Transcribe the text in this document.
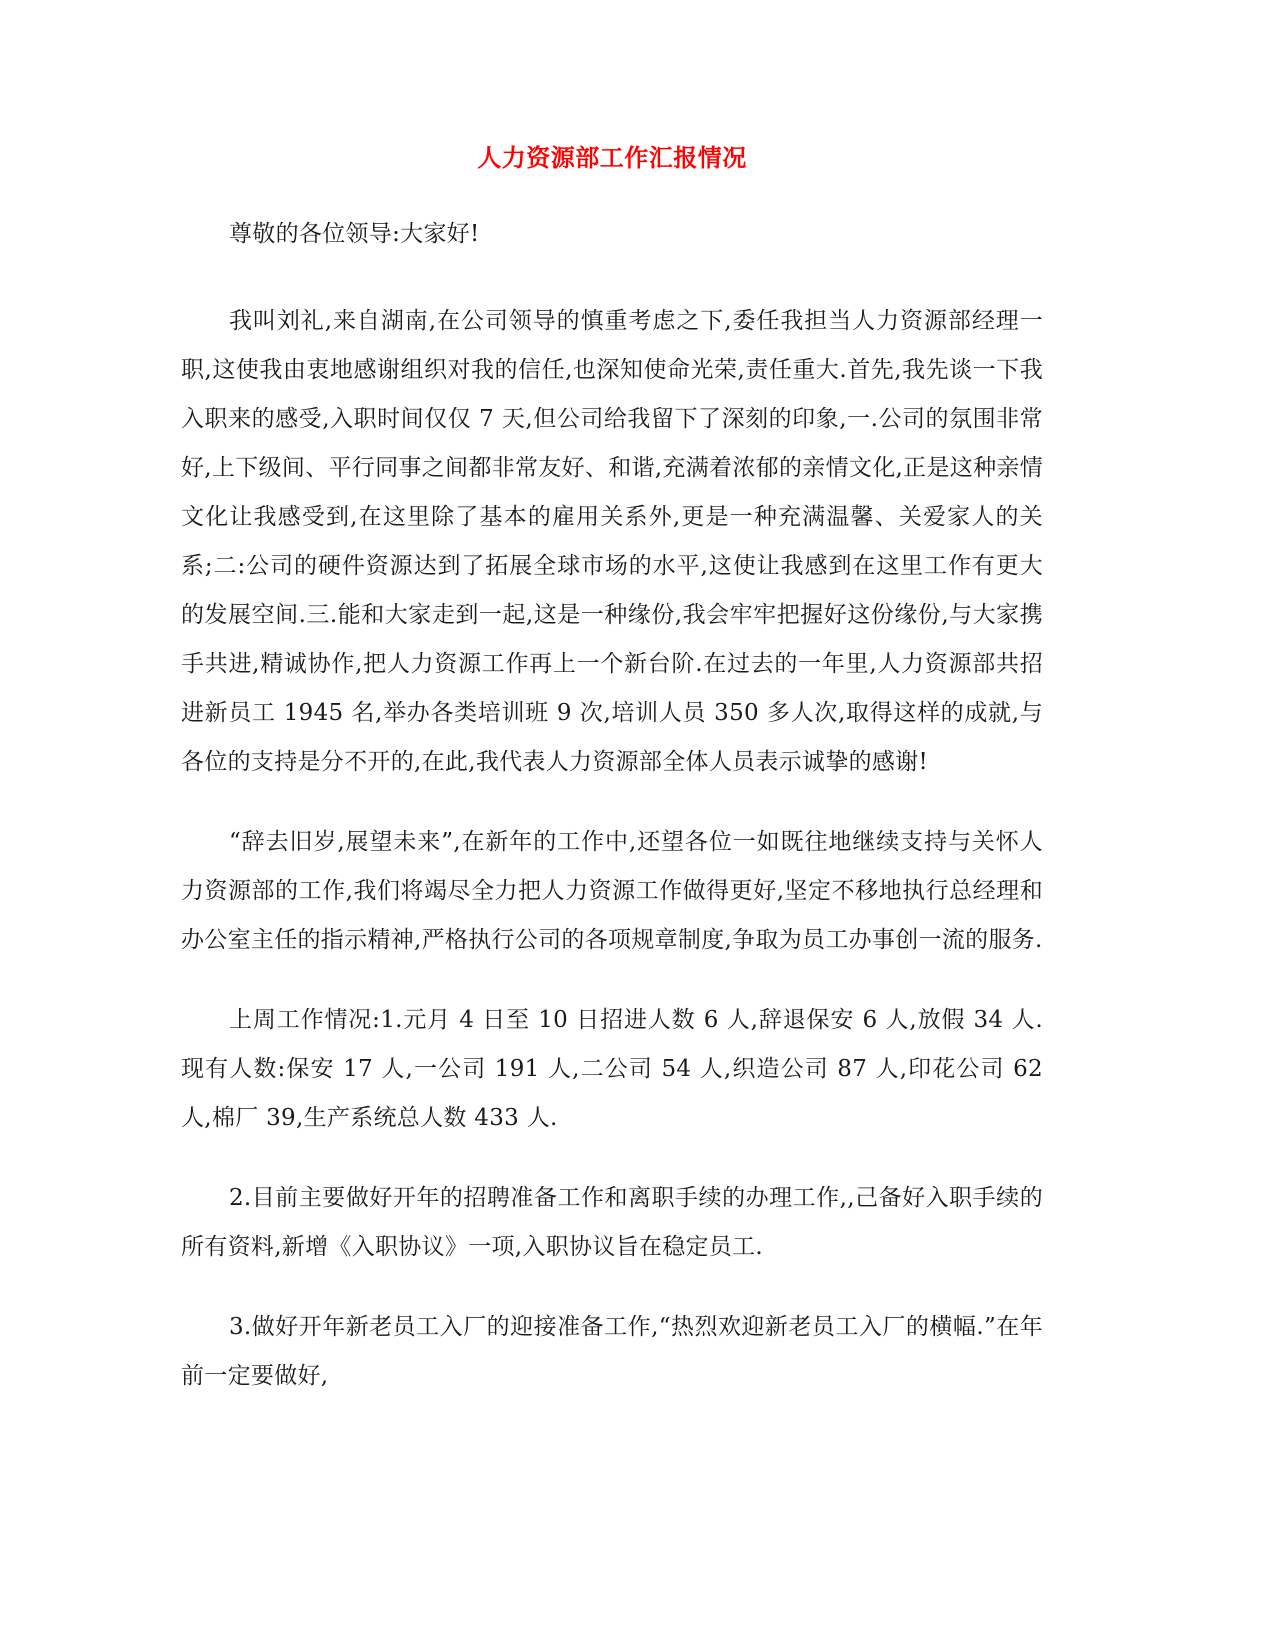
人力资源部工作汇报情况

尊敬的各位领导:大家好!

我叫刘礼,来自湖南,在公司领导的慎重考虑之下,委任我担当人力资源部经理一职,这使我由衷地感谢组织对我的信任,也深知使命光荣,责任重大.首先,我先谈一下我入职来的感受,入职时间仅仅 7 天,但公司给我留下了深刻的印象,一.公司的氛围非常好,上下级间、平行同事之间都非常友好、和谐,充满着浓郁的亲情文化,正是这种亲情文化让我感受到,在这里除了基本的雇用关系外,更是一种充满温馨、关爱家人的关系;二:公司的硬件资源达到了拓展全球市场的水平,这使让我感到在这里工作有更大的发展空间.三.能和大家走到一起,这是一种缘份,我会牢牢把握好这份缘份,与大家携手共进,精诚协作,把人力资源工作再上一个新台阶.在过去的一年里,人力资源部共招进新员工 1945 名,举办各类培训班 9 次,培训人员 350 多人次,取得这样的成就,与各位的支持是分不开的,在此,我代表人力资源部全体人员表示诚挚的感谢!

“辞去旧岁,展望未来”,在新年的工作中,还望各位一如既往地继续支持与关怀人力资源部的工作,我们将竭尽全力把人力资源工作做得更好,坚定不移地执行总经理和办公室主任的指示精神,严格执行公司的各项规章制度,争取为员工办事创一流的服务.

上周工作情况:1.元月 4 日至 10 日招进人数 6 人,辞退保安 6 人,放假 34 人.现有人数:保安 17 人,一公司 191 人,二公司 54 人,织造公司 87 人,印花公司 62 人,棉厂 39,生产系统总人数 433 人.

2.目前主要做好开年的招聘准备工作和离职手续的办理工作,,己备好入职手续的所有资料,新增《入职协议》一项,入职协议旨在稳定员工.

3.做好开年新老员工入厂的迎接准备工作,“热烈欢迎新老员工入厂的横幅.”在年前一定要做好,
